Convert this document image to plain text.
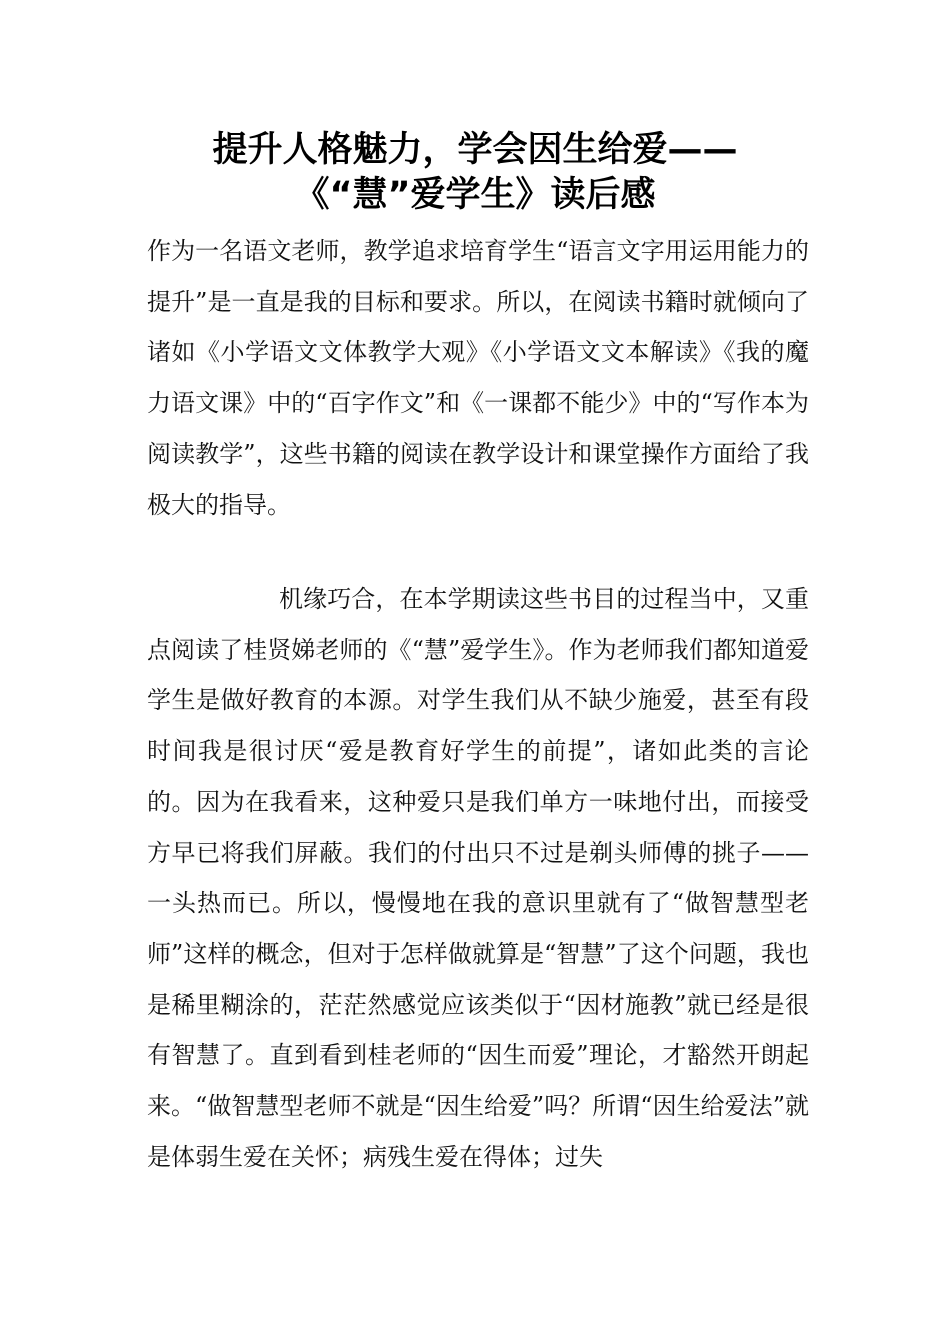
提升人格魅力，学会因生给爱——
《“慧”爱学生》读后感

作为一名语文老师，教学追求培育学生“语言文字用运用能力的提升”是一直是我的目标和要求。所以，在阅读书籍时就倾向了诸如《小学语文文体教学大观》《小学语文文本解读》《我的魔力语文课》中的“百字作文”和《一课都不能少》中的“写作本为阅读教学”，这些书籍的阅读在教学设计和课堂操作方面给了我极大的指导。

机缘巧合，在本学期读这些书目的过程当中，又重点阅读了桂贤娣老师的《“慧”爱学生》。作为老师我们都知道爱学生是做好教育的本源。对学生我们从不缺少施爱，甚至有段时间我是很讨厌“爱是教育好学生的前提”，诸如此类的言论的。因为在我看来，这种爱只是我们单方一味地付出，而接受方早已将我们屏蔽。我们的付出只不过是剃头师傅的挑子——一头热而已。所以，慢慢地在我的意识里就有了“做智慧型老师”这样的概念，但对于怎样做就算是“智慧”了这个问题，我也是稀里糊涂的，茫茫然感觉应该类似于“因材施教”就已经是很有智慧了。直到看到桂老师的“因生而爱”理论，才豁然开朗起来。“做智慧型老师不就是“因生给爱”吗？所谓“因生给爱法”就是体弱生爱在关怀；病残生爱在得体；过失
